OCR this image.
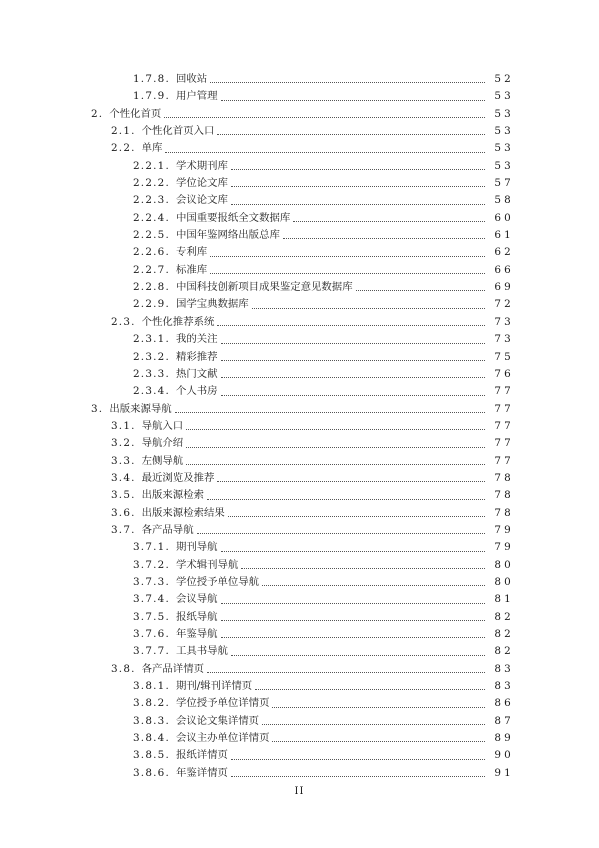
1.7.8. 回收站	52
1.7.9. 用户管理	53
2. 个性化首页	53
2.1. 个性化首页入口	53
2.2. 单库	53
2.2.1. 学术期刊库	53
2.2.2. 学位论文库	57
2.2.3. 会议论文库	58
2.2.4. 中国重要报纸全文数据库	60
2.2.5. 中国年鉴网络出版总库	61
2.2.6. 专利库	62
2.2.7. 标准库	66
2.2.8. 中国科技创新项目成果鉴定意见数据库	69
2.2.9. 国学宝典数据库	72
2.3. 个性化推荐系统	73
2.3.1. 我的关注	73
2.3.2. 精彩推荐	75
2.3.3. 热门文献	76
2.3.4. 个人书房	77
3. 出版来源导航	77
3.1. 导航入口	77
3.2. 导航介绍	77
3.3. 左侧导航	77
3.4. 最近浏览及推荐	78
3.5. 出版来源检索	78
3.6. 出版来源检索结果	78
3.7. 各产品导航	79
3.7.1. 期刊导航	79
3.7.2. 学术辑刊导航	80
3.7.3. 学位授予单位导航	80
3.7.4. 会议导航	81
3.7.5. 报纸导航	82
3.7.6. 年鉴导航	82
3.7.7. 工具书导航	82
3.8. 各产品详情页	83
3.8.1. 期刊/辑刊详情页	83
3.8.2. 学位授予单位详情页	86
3.8.3. 会议论文集详情页	87
3.8.4. 会议主办单位详情页	89
3.8.5. 报纸详情页	90
3.8.6. 年鉴详情页	91
II
